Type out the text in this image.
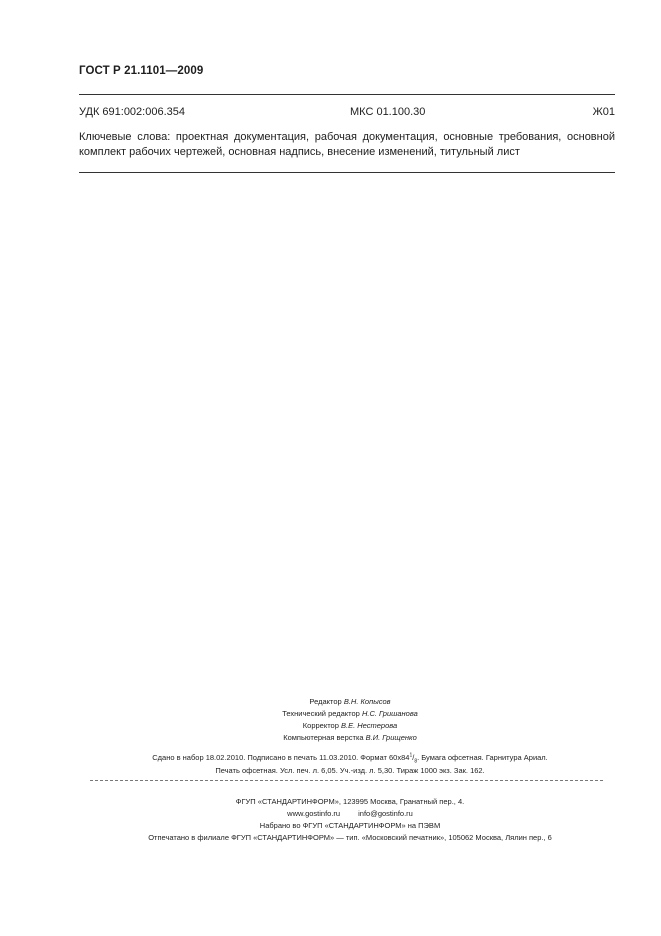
ГОСТ Р 21.1101—2009
УДК 691:002:006.354	МКС 01.100.30	Ж01
Ключевые слова: проектная документация, рабочая документация, основные требования, основной комплект рабочих чертежей, основная надпись, внесение изменений, титульный лист
Редактор В.Н. Копысов
Технический редактор Н.С. Гришанова
Корректор В.Е. Нестерова
Компьютерная верстка В.И. Грищенко
Сдано в набор 18.02.2010. Подписано в печать 11.03.2010. Формат $60х84^1/_8$. Бумага офсетная. Гарнитура Ариал.
Печать офсетная. Усл. печ. л. 6,05. Уч.-изд. л. 5,30. Тираж 1000 экз. Зак. 162.
ФГУП «СТАНДАРТИНФОРМ», 123995 Москва, Гранатный пер., 4.
www.gostinfo.ru info@gostinfo.ru
Набрано во ФГУП «СТАНДАРТИНФОРМ» на ПЭВМ
Отпечатано в филиале ФГУП «СТАНДАРТИНФОРМ» — тип. «Московский печатник», 105062 Москва, Лялин пер., 6
